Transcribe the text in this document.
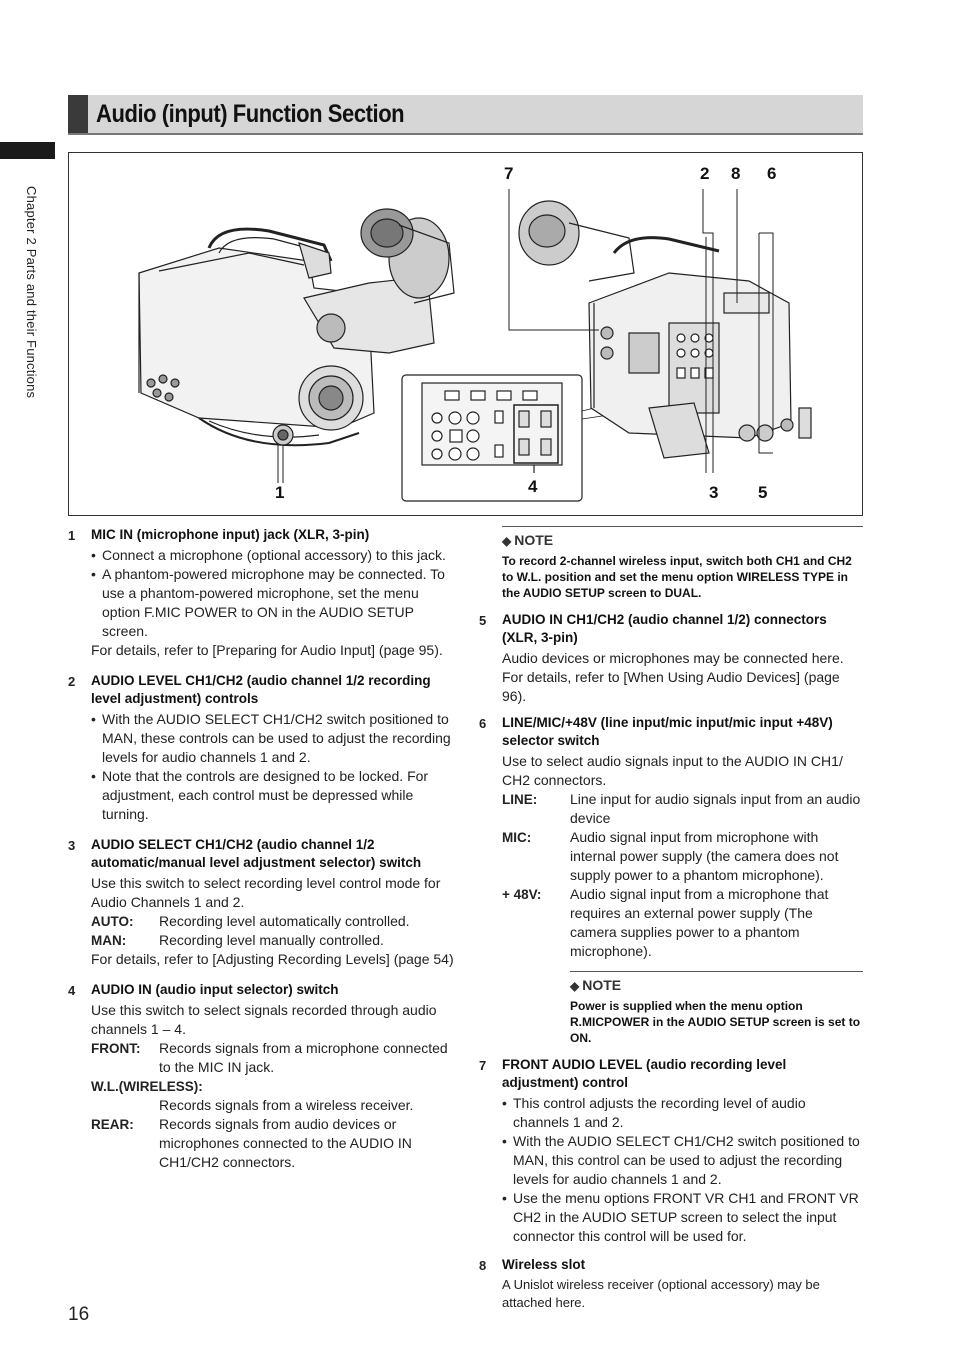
Audio (input) Function Section
Chapter 2 Parts and their Functions
1
2
3
4	5
6
7	8
1 MIC IN (microphone input) jack (XLR, 3-pin)
• Connect a microphone (optional accessory) to this jack.
• A phantom-powered microphone may be connected. To use a phantom-powered microphone, set the menu option F.MIC POWER to ON in the AUDIO SETUP screen.
For details, refer to [Preparing for Audio Input] (page 95).
2 AUDIO LEVEL CH1/CH2 (audio channel 1/2 recording level adjustment) controls
• With the AUDIO SELECT CH1/CH2 switch positioned to MAN, these controls can be used to adjust the recording levels for audio channels 1 and 2.
• Note that the controls are designed to be locked. For adjustment, each control must be depressed while turning.
3 AUDIO SELECT CH1/CH2 (audio channel 1/2 automatic/manual level adjustment selector) switch
Use this switch to select recording level control mode for Audio Channels 1 and 2.
AUTO:	Recording level automatically controlled.
MAN:	Recording level manually controlled.
For details, refer to [Adjusting Recording Levels] (page 54)
4 AUDIO IN (audio input selector) switch
Use this switch to select signals recorded through audio channels 1 – 4.
FRONT:	Records signals from a microphone connected to the MIC IN jack.
W.L.(WIRELESS):
Records signals from a wireless receiver.
REAR:	Records signals from audio devices or microphones connected to the AUDIO IN CH1/CH2 connectors.
◆ NOTE
To record 2-channel wireless input, switch both CH1 and CH2 to W.L. position and set the menu option WIRELESS TYPE in the AUDIO SETUP screen to DUAL.
5 AUDIO IN CH1/CH2 (audio channel 1/2) connectors (XLR, 3-pin)
Audio devices or microphones may be connected here. For details, refer to [When Using Audio Devices] (page 96).
6 LINE/MIC/+48V (line input/mic input/mic input +48V) selector switch
Use to select audio signals input to the AUDIO IN CH1/ CH2 connectors.
LINE:	Line input for audio signals input from an audio device
MIC:	Audio signal input from microphone with internal power supply (the camera does not supply power to a phantom microphone).
+ 48V:	Audio signal input from a microphone that requires an external power supply (The camera supplies power to a phantom microphone).
◆ NOTE
Power is supplied when the menu option R.MICPOWER in the AUDIO SETUP screen is set to ON.
7 FRONT AUDIO LEVEL (audio recording level adjustment) control
• This control adjusts the recording level of audio channels 1 and 2.
• With the AUDIO SELECT CH1/CH2 switch positioned to MAN, this control can be used to adjust the recording levels for audio channels 1 and 2.
• Use the menu options FRONT VR CH1 and FRONT VR CH2 in the AUDIO SETUP screen to select the input connector this control will be used for.
8 Wireless slot
A Unislot wireless receiver (optional accessory) may be attached here.
16
